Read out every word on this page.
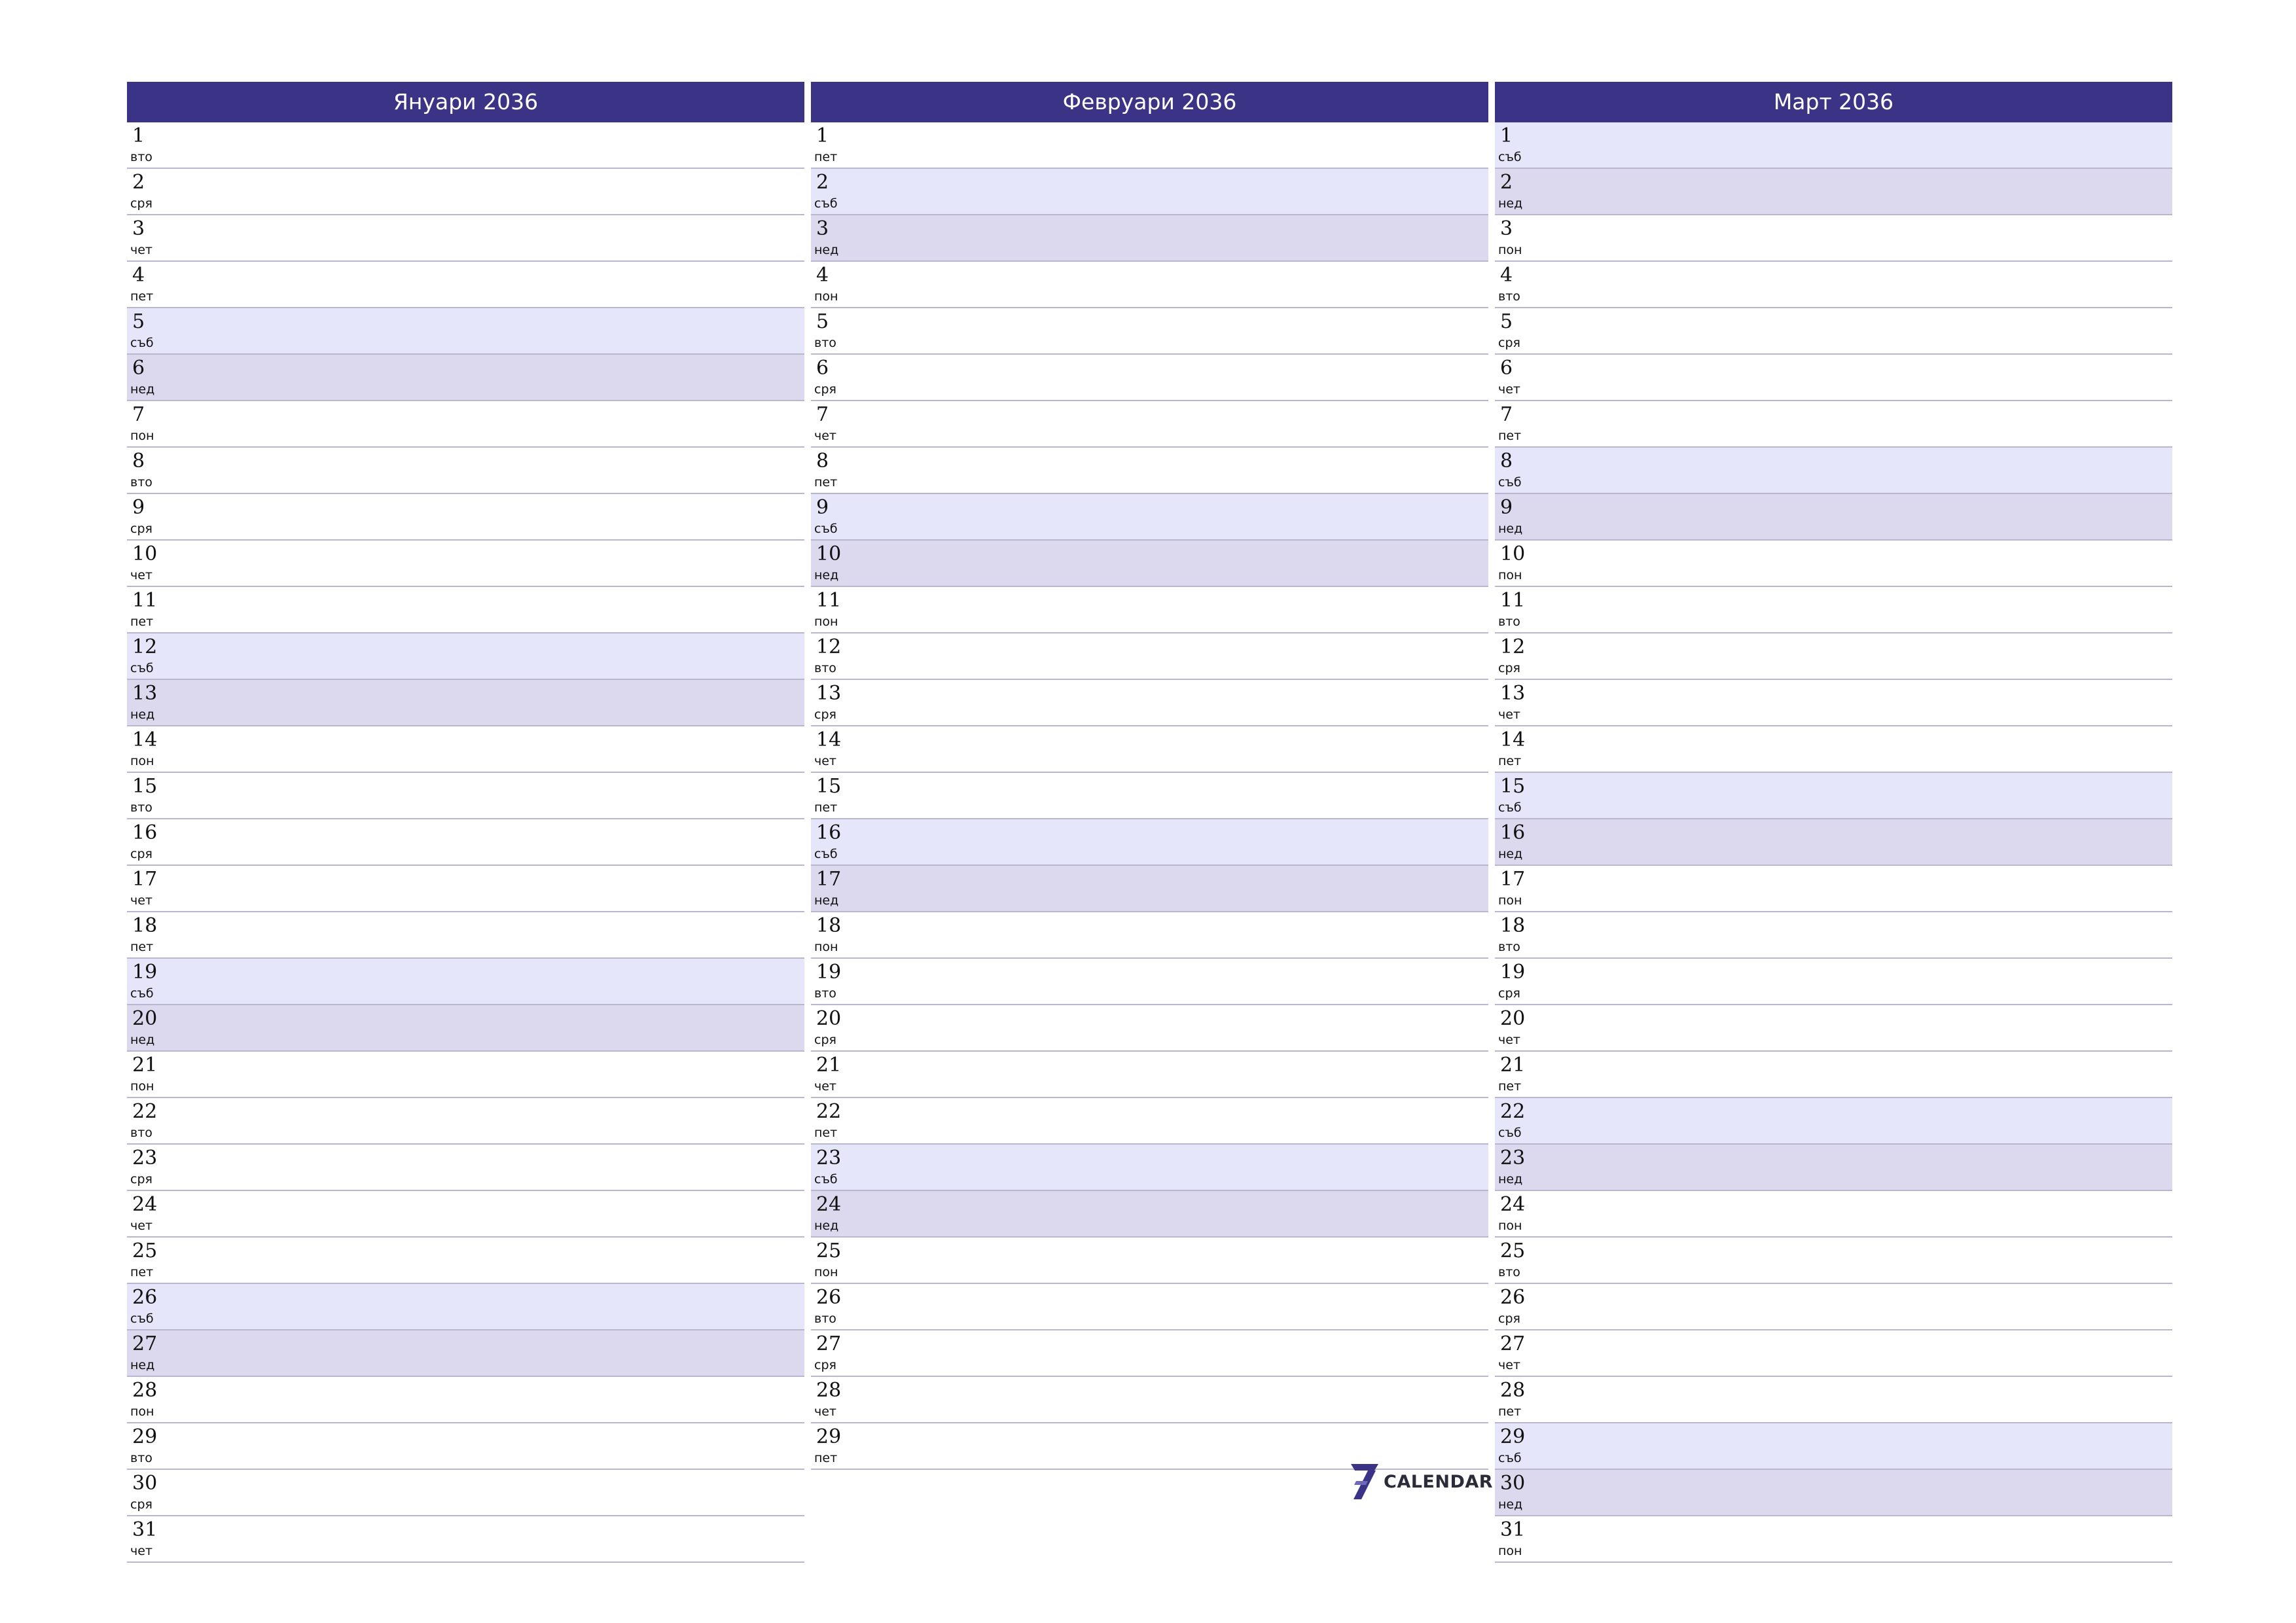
Януари 2036
1
вто
2
сря
3
чет
4
пет
5
съб
6
нед
7
пон
8
вто
9
сря
10
чет
11
пет
12
съб
13
нед
14
пон
15
вто
16
сря
17
чет
18
пет
19
съб
20
нед
21
пон
22
вто
23
сря
24
чет
25
пет
26
съб
27
нед
28
пон
29
вто
30
сря
31
чет
Февруари 2036
1
пет
2
съб
3
нед
4
пон
5
вто
6
сря
7
чет
8
пет
9
съб
10
нед
11
пон
12
вто
13
сря
14
чет
15
пет
16
съб
17
нед
18
пон
19
вто
20
сря
21
чет
22
пет
23
съб
24
нед
25
пон
26
вто
27
сря
28
чет
29
пет
Март 2036
1
съб
2
нед
3
пон
4
вто
5
сря
6
чет
7
пет
8
съб
9
нед
10
пон
11
вто
12
сря
13
чет
14
пет
15
съб
16
нед
17
пон
18
вто
19
сря
20
чет
21
пет
22
съб
23
нед
24
пон
25
вто
26
сря
27
чет
28
пет
29
съб
30
нед
31
пон
CALENDAR
